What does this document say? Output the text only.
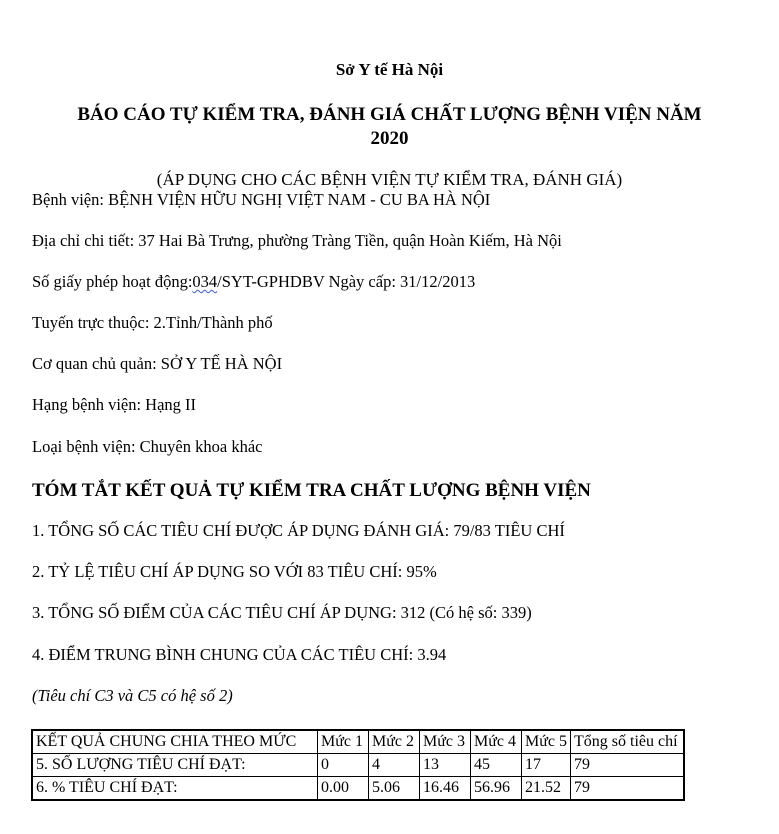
Sở Y tế Hà Nội
BÁO CÁO TỰ KIỂM TRA, ĐÁNH GIÁ CHẤT LƯỢNG BỆNH VIỆN NĂM
2020
(ÁP DỤNG CHO CÁC BỆNH VIỆN TỰ KIỂM TRA, ĐÁNH GIÁ)
Bệnh viện: BỆNH VIỆN HỮU NGHỊ VIỆT NAM - CU BA HÀ NỘI
Địa chỉ chi tiết: 37 Hai Bà Trưng, phường Tràng Tiền, quận Hoàn Kiếm, Hà Nội
Số giấy phép hoạt động:034/SYT-GPHDBV Ngày cấp: 31/12/2013
Tuyến trực thuộc: 2.Tỉnh/Thành phố
Cơ quan chủ quản: SỞ Y TẾ HÀ NỘI
Hạng bệnh viện: Hạng II
Loại bệnh viện: Chuyên khoa khác
TÓM TẮT KẾT QUẢ TỰ KIỂM TRA CHẤT LƯỢNG BỆNH VIỆN
1. TỔNG SỐ CÁC TIÊU CHÍ ĐƯỢC ÁP DỤNG ĐÁNH GIÁ: 79/83 TIÊU CHÍ
2. TỶ LỆ TIÊU CHÍ ÁP DỤNG SO VỚI 83 TIÊU CHÍ: 95%
3. TỔNG SỐ ĐIỂM CỦA CÁC TIÊU CHÍ ÁP DỤNG: 312 (Có hệ số: 339)
4. ĐIỂM TRUNG BÌNH CHUNG CỦA CÁC TIÊU CHÍ: 3.94
(Tiêu chí C3 và C5 có hệ số 2)
KẾT QUẢ CHUNG CHIA THEO MỨC	Mức 1	Mức 2	Mức 3	Mức 4	Mức 5	Tổng số tiêu chí
5. SỐ LƯỢNG TIÊU CHÍ ĐẠT:	0	4	13	45	17	79
6. % TIÊU CHÍ ĐẠT:	0.00	5.06	16.46	56.96	21.52	79
